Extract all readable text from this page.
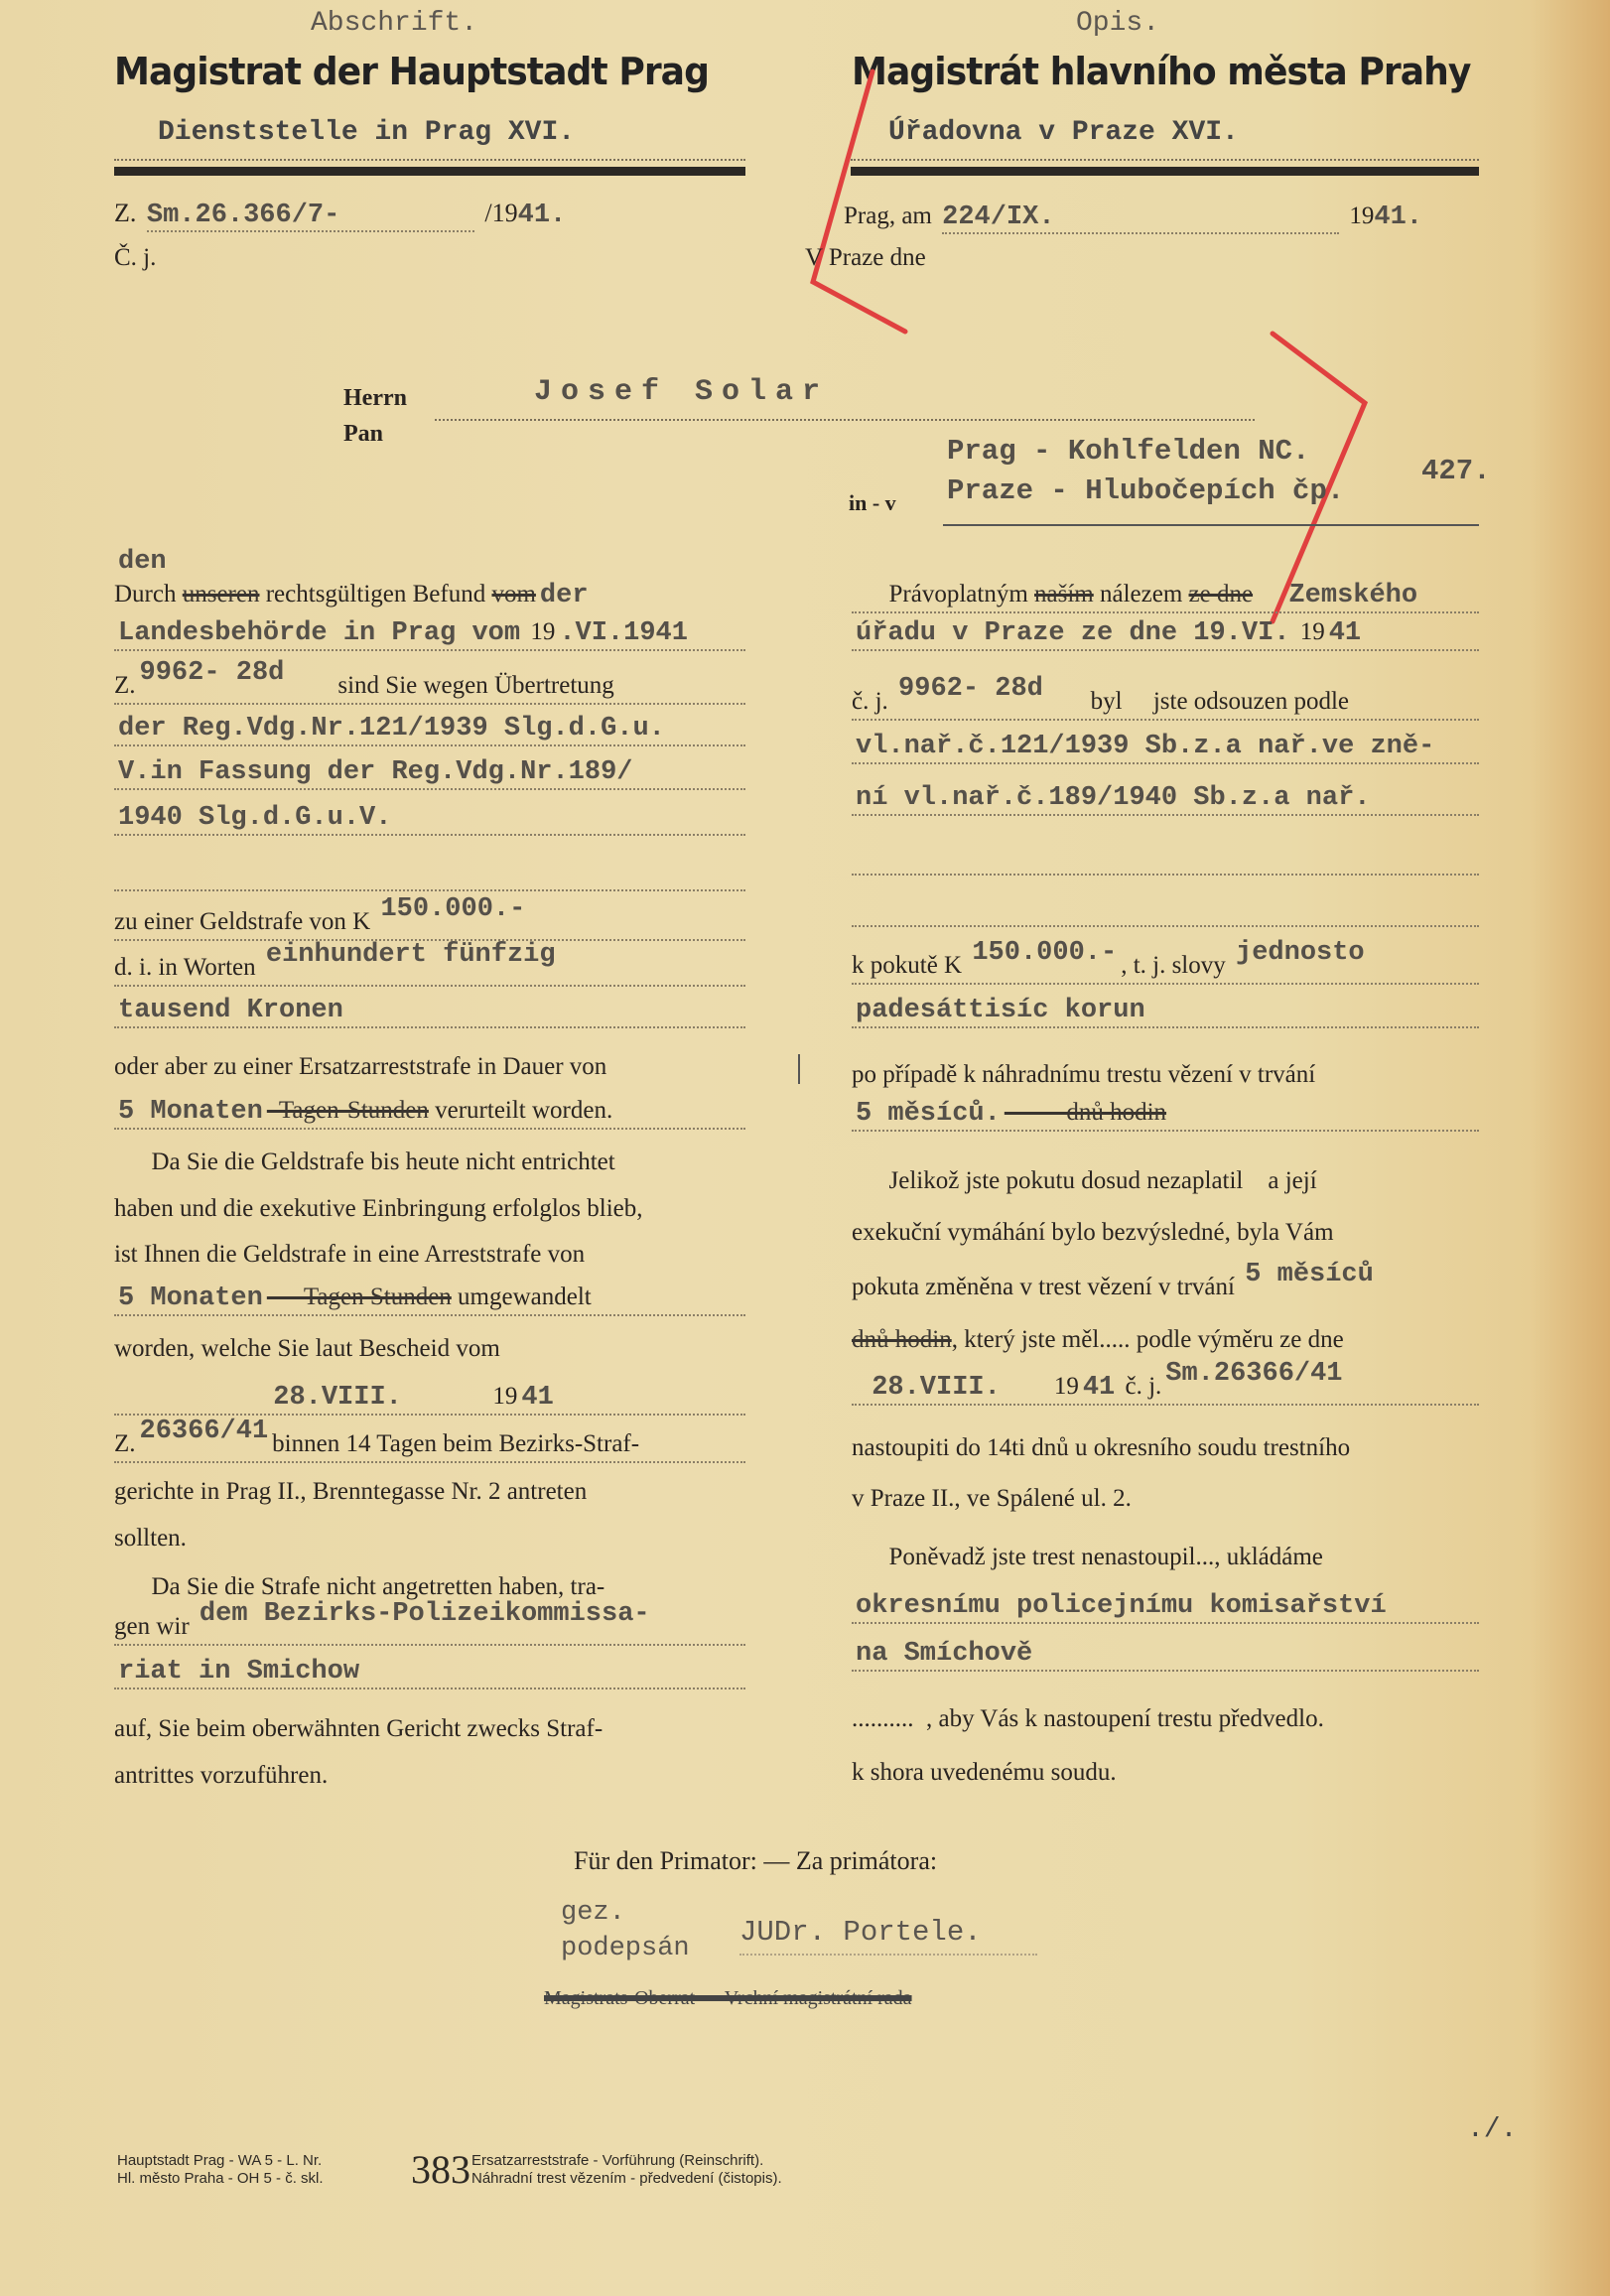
Abschrift.	Opis.
Magistrat der Hauptstadt Prag	Magistrát hlavního města Prahy
Dienststelle in Prag XVI.	Úřadovna v Praze XVI.
Z. Sm.26.366/7-	/1941.
Č. j.
Prag, am 224/IX.	1941.
V Praze dne
Herrn
Pan
Josef Solar
Prag - Kohlfelden NC.
Praze - Hlubočepích čp.
in - v
427.
den
Durch unseren rechtsgültigen Befund vom der
Landesbehörde in Prag vom 19 .VI.1941
Z. 9962- 28d        sind Sie wegen Übertretung
der Reg.Vdg.Nr.121/1939 Slg.d.G.u.
V.in Fassung der Reg.Vdg.Nr.189/
1940 Slg.d.G.u.V.
zu einer Geldstrafe von K 150.000.-
d. i. in Worten einhundert fünfzig
tausend Kronen
oder aber zu einer Ersatzarreststrafe in Dauer von
5 Monaten  Tagen-Stunden verurteilt worden.
Da Sie die Geldstrafe bis heute nicht entrichtet
haben und die exekutive Einbringung erfolglos blieb,
ist Ihnen die Geldstrafe in eine Arreststrafe von
5 Monaten      Tagen Stunden umgewandelt
worden, welche Sie laut Bescheid vom
28.VIII.              19 41
Z. 26366/41 binnen 14 Tagen beim Bezirks-Straf-
gerichte in Prag II., Brenntegasse Nr. 2 antreten
sollten.
Da Sie die Strafe nicht angetretten haben, tra-
gen wir dem Bezirks-Polizeikommissa-
riat in Smichow
auf, Sie beim oberwähnten Gericht zwecks Straf-
antrittes vorzuführen.
Právoplatným naším nálezem ze dne  Zemského
úřadu v Praze ze dne 19.VI. 19 41
č. j. 9962- 28d       byl     jste odsouzen podle
vl.nař.č.121/1939 Sb.z.a nař.ve zně-
ní vl.nař.č.189/1940 Sb.z.a nař.
k pokutě K 150.000.- , t. j. slovy jednosto
padesáttisíc korun
po případě k náhradnímu trestu vězení v trvání
5 měsíců.          dnů hodin
Jelikož jste pokutu dosud nezaplatil    a její
exekuční vymáhání bylo bezvýsledné, byla Vám
pokuta změněna v trest vězení v trvání 5 měsíců
dnů hodin, který jste měl..... podle výměru ze dne
28.VIII.        19 41 č. j. Sm.26366/41
nastoupiti do 14ti dnů u okresního soudu trestního
v Praze II., ve Spálené ul. 2.
Poněvadž jste trest nenastoupil..., ukládáme
okresnímu policejnímu komisařství
na Smíchově
..........  , aby Vás k nastoupení trestu předvedlo.
k shora uvedenému soudu.
Für den Primator: — Za primátora:
gez.
podepsán JUDr. Portele.
Magistrats-Oberrat — Vrchní magistrátní rada
./.
Hauptstadt Prag - WA 5 - L. Nr.
Hl. město Praha - OH 5 - č. skl. 383 Ersatzarreststrafe - Vorführung (Reinschrift).
Náhradní trest vězením - předvedení (čistopis).
